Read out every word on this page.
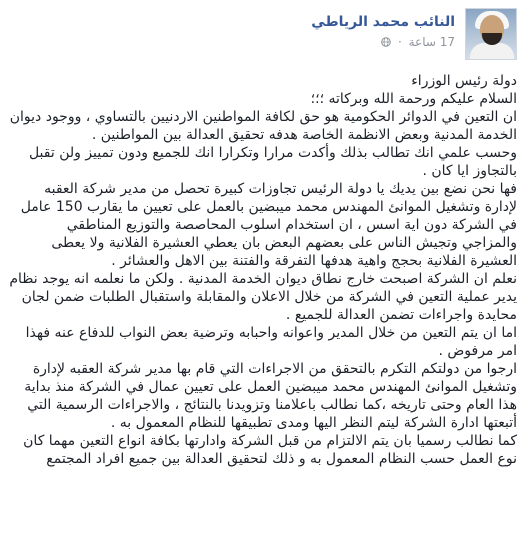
النائب محمد الرياطي
17 ساعة ·

دولة رئيس الوزراء

السلام عليكم ورحمة الله وبركاته ؛؛؛

ان التعين في الدوائر الحكومية هو حق لكافة المواطنين الاردنيين بالتساوي ، ووجود ديوان الخدمة المدنية وبعض الانظمة الخاصة هدفه تحقيق العدالة بين المواطنين .

وحسب علمي انك تطالب بذلك وأكدت مرارا وتكرارا انك للجميع ودون تمييز ولن تقبل بالتجاوز ايا كان .

فها نحن نضع بين يديك يا دولة الرئيس تجاوزات كبيرة تحصل من مدير شركة العقبه لإدارة وتشغيل الموانئ المهندس محمد ميبضين بالعمل على تعيين ما يقارب 150 عامل في الشركة دون اية اسس ، ان استخدام اسلوب المحاصصة والتوزيع المناطقي والمزاجي وتجيش الناس على بعضهم البعض بان يعطي العشيرة الفلانية ولا يعطى العشيرة الفلانية بحجج واهية هدفها التفرقة والفتنة بين الاهل والعشائر .

نعلم ان الشركة اصبحت خارج نطاق ديوان الخدمة المدنية . ولكن ما نعلمه انه يوجد نظام يدير عملية التعين في الشركة من خلال الاعلان والمقابلة واستقبال الطلبات ضمن لجان محايدة واجراءات تضمن العدالة للجميع .

اما ان يتم التعين من خلال المدير واعوانه واحبابه وترضية بعض النواب للدفاع عنه فهذا امر مرفوض .

ارجوا من دولتكم التكرم بالتحقق من الاجراءات التي قام بها مدير شركة العقبه لإدارة وتشغيل الموانئ المهندس محمد ميبضين العمل على تعيين عمال في الشركة منذ بداية هذا العام وحتى تاريخه ،كما نطالب باعلامنا وتزويدنا بالنتائج ، والاجراءات الرسمية التي أتبعتها ادارة الشركة ليتم النظر اليها ومدى تطبيقها للنظام المعمول به .

كما نطالب رسميا بان يتم الالتزام من قبل الشركة وادارتها بكافة انواع التعين مهما كان نوع العمل حسب النظام المعمول به و ذلك لتحقيق العدالة بين جميع افراد المجتمع
